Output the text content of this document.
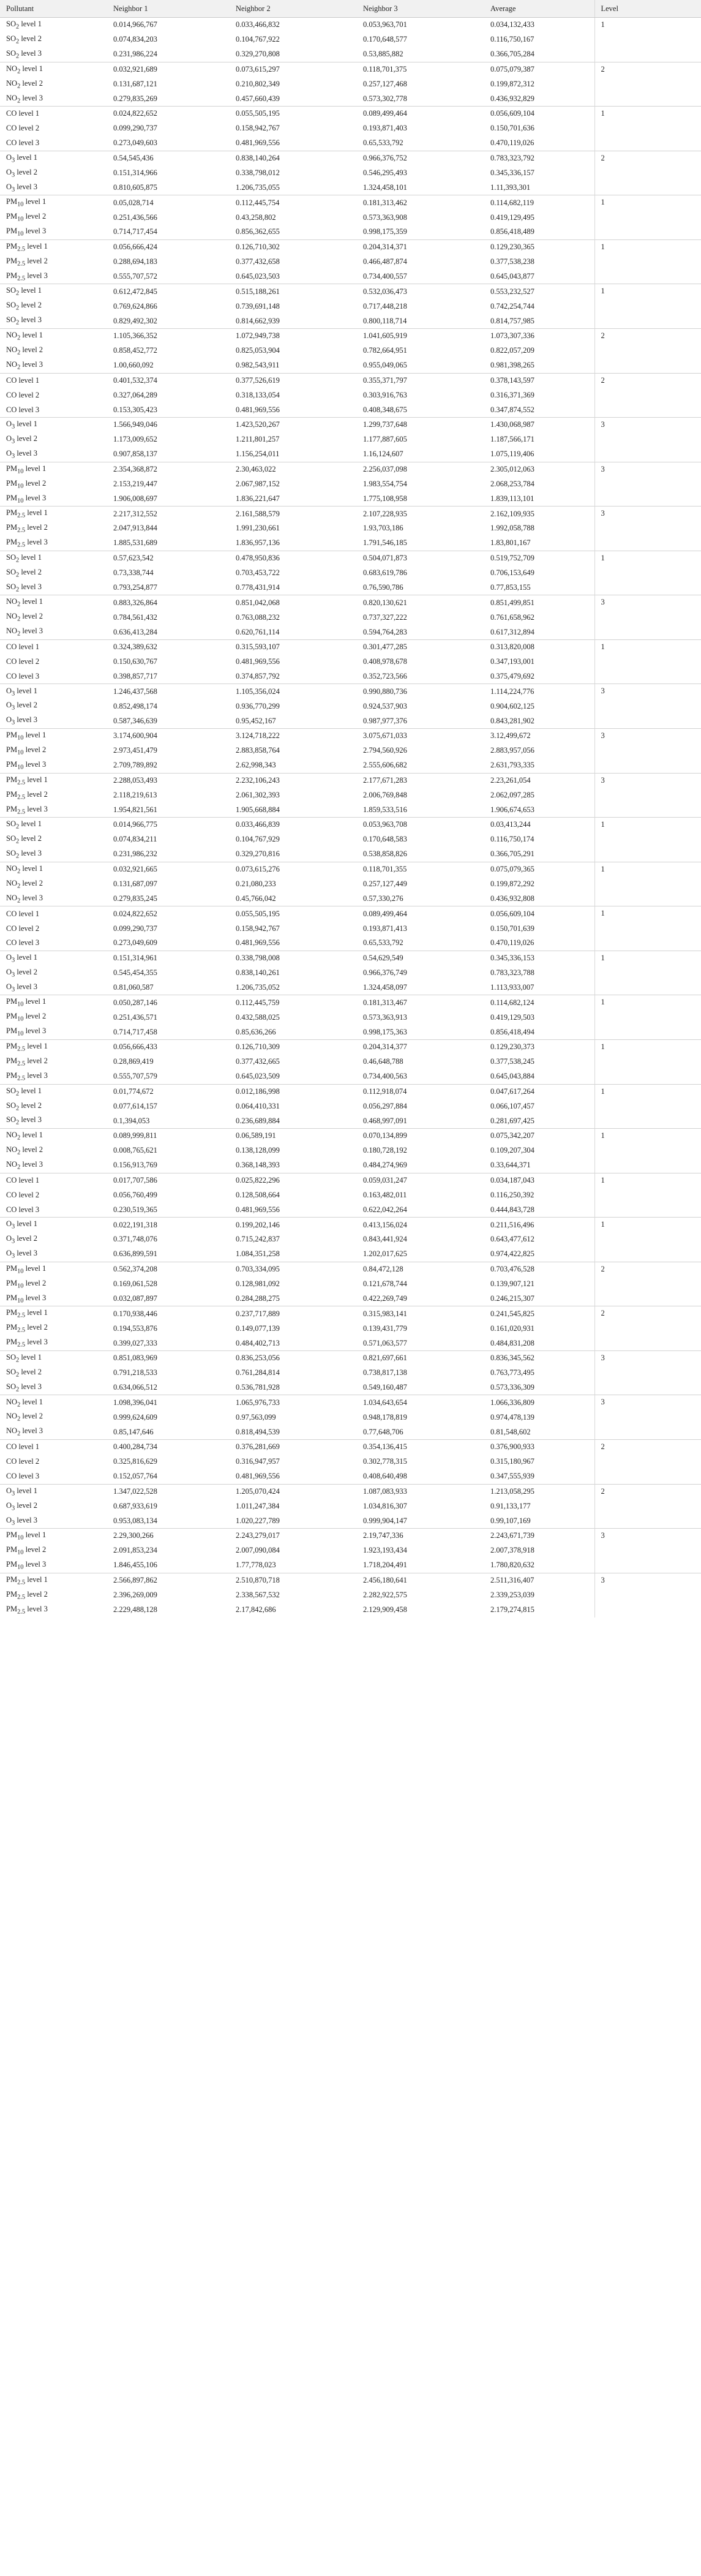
Pollutant	Neighbor 1	Neighbor 2	Neighbor 3	Average	Level
$SO_2$ level 1	0.014,966,767	0.033,466,832	0.053,963,701	0.034,132,433	1
$SO_2$ level 2	0.074,834,203	0.104,767,922	0.170,648,577	0.116,750,167	
$SO_2$ level 3	0.231,986,224	0.329,270,808	0.53,885,882	0.366,705,284	
$NO_2$ level 1	0.032,921,689	0.073,615,297	0.118,701,375	0.075,079,387	2
$NO_2$ level 2	0.131,687,121	0.210,802,349	0.257,127,468	0.199,872,312	
$NO_2$ level 3	0.279,835,269	0.457,660,439	0.573,302,778	0.436,932,829	
CO level 1	0.024,822,652	0.055,505,195	0.089,499,464	0.056,609,104	1
CO level 2	0.099,290,737	0.158,942,767	0.193,871,403	0.150,701,636	
CO level 3	0.273,049,603	0.481,969,556	0.65,533,792	0.470,119,026	
$O_3$ level 1	0.54,545,436	0.838,140,264	0.966,376,752	0.783,323,792	2
$O_3$ level 2	0.151,314,966	0.338,798,012	0.546,295,493	0.345,336,157	
$O_3$ level 3	0.810,605,875	1.206,735,055	1.324,458,101	1.11,393,301	
$PM_{10}$ level 1	0.05,028,714	0.112,445,754	0.181,313,462	0.114,682,119	1
$PM_{10}$ level 2	0.251,436,566	0.43,258,802	0.573,363,908	0.419,129,495	
$PM_{10}$ level 3	0.714,717,454	0.856,362,655	0.998,175,359	0.856,418,489	
$PM_{2.5}$ level 1	0.056,666,424	0.126,710,302	0.204,314,371	0.129,230,365	1
$PM_{2.5}$ level 2	0.288,694,183	0.377,432,658	0.466,487,874	0.377,538,238	
$PM_{2.5}$ level 3	0.555,707,572	0.645,023,503	0.734,400,557	0.645,043,877	
$SO_2$ level 1	0.612,472,845	0.515,188,261	0.532,036,473	0.553,232,527	1
$SO_2$ level 2	0.769,624,866	0.739,691,148	0.717,448,218	0.742,254,744	
$SO_2$ level 3	0.829,492,302	0.814,662,939	0.800,118,714	0.814,757,985	
$NO_2$ level 1	1.105,366,352	1.072,949,738	1.041,605,919	1.073,307,336	2
$NO_2$ level 2	0.858,452,772	0.825,053,904	0.782,664,951	0.822,057,209	
$NO_2$ level 3	1.00,660,092	0.982,543,911	0.955,049,065	0.981,398,265	
CO level 1	0.401,532,374	0.377,526,619	0.355,371,797	0.378,143,597	2
CO level 2	0.327,064,289	0.318,133,054	0.303,916,763	0.316,371,369	
CO level 3	0.153,305,423	0.481,969,556	0.408,348,675	0.347,874,552	
$O_3$ level 1	1.566,949,046	1.423,520,267	1.299,737,648	1.430,068,987	3
$O_3$ level 2	1.173,009,652	1.211,801,257	1.177,887,605	1.187,566,171	
$O_3$ level 3	0.907,858,137	1.156,254,011	1.16,124,607	1.075,119,406	
$PM_{10}$ level 1	2.354,368,872	2.30,463,022	2.256,037,098	2.305,012,063	3
$PM_{10}$ level 2	2.153,219,447	2.067,987,152	1.983,554,754	2.068,253,784	
$PM_{10}$ level 3	1.906,008,697	1.836,221,647	1.775,108,958	1.839,113,101	
$PM_{2.5}$ level 1	2.217,312,552	2.161,588,579	2.107,228,935	2.162,109,935	3
$PM_{2.5}$ level 2	2.047,913,844	1.991,230,661	1.93,703,186	1.992,058,788	
$PM_{2.5}$ level 3	1.885,531,689	1.836,957,136	1.791,546,185	1.83,801,167	
$SO_2$ level 1	0.57,623,542	0.478,950,836	0.504,071,873	0.519,752,709	1
$SO_2$ level 2	0.73,338,744	0.703,453,722	0.683,619,786	0.706,153,649	
$SO_2$ level 3	0.793,254,877	0.778,431,914	0.76,590,786	0.77,853,155	
$NO_2$ level 1	0.883,326,864	0.851,042,068	0.820,130,621	0.851,499,851	3
$NO_2$ level 2	0.784,561,432	0.763,088,232	0.737,327,222	0.761,658,962	
$NO_2$ level 3	0.636,413,284	0.620,761,114	0.594,764,283	0.617,312,894	
CO level 1	0.324,389,632	0.315,593,107	0.301,477,285	0.313,820,008	1
CO level 2	0.150,630,767	0.481,969,556	0.408,978,678	0.347,193,001	
CO level 3	0.398,857,717	0.374,857,792	0.352,723,566	0.375,479,692	
$O_3$ level 1	1.246,437,568	1.105,356,024	0.990,880,736	1.114,224,776	3
$O_3$ level 2	0.852,498,174	0.936,770,299	0.924,537,903	0.904,602,125	
$O_3$ level 3	0.587,346,639	0.95,452,167	0.987,977,376	0.843,281,902	
$PM_{10}$ level 1	3.174,600,904	3.124,718,222	3.075,671,033	3.12,499,672	3
$PM_{10}$ level 2	2.973,451,479	2.883,858,764	2.794,560,926	2.883,957,056	
$PM_{10}$ level 3	2.709,789,892	2.62,998,343	2.555,606,682	2.631,793,335	
$PM_{2.5}$ level 1	2.288,053,493	2.232,106,243	2.177,671,283	2.23,261,054	3
$PM_{2.5}$ level 2	2.118,219,613	2.061,302,393	2.006,769,848	2.062,097,285	
$PM_{2.5}$ level 3	1.954,821,561	1.905,668,884	1.859,533,516	1.906,674,653	
$SO_2$ level 1	0.014,966,775	0.033,466,839	0.053,963,708	0.03,413,244	1
$SO_2$ level 2	0.074,834,211	0.104,767,929	0.170,648,583	0.116,750,174	
$SO_2$ level 3	0.231,986,232	0.329,270,816	0.538,858,826	0.366,705,291	
$NO_2$ level 1	0.032,921,665	0.073,615,276	0.118,701,355	0.075,079,365	1
$NO_2$ level 2	0.131,687,097	0.21,080,233	0.257,127,449	0.199,872,292	
$NO_2$ level 3	0.279,835,245	0.45,766,042	0.57,330,276	0.436,932,808	
CO level 1	0.024,822,652	0.055,505,195	0.089,499,464	0.056,609,104	1
CO level 2	0.099,290,737	0.158,942,767	0.193,871,413	0.150,701,639	
CO level 3	0.273,049,609	0.481,969,556	0.65,533,792	0.470,119,026	
$O_3$ level 1	0.151,314,961	0.338,798,008	0.54,629,549	0.345,336,153	1
$O_3$ level 2	0.545,454,355	0.838,140,261	0.966,376,749	0.783,323,788	
$O_3$ level 3	0.81,060,587	1.206,735,052	1.324,458,097	1.113,933,007	
$PM_{10}$ level 1	0.050,287,146	0.112,445,759	0.181,313,467	0.114,682,124	1
$PM_{10}$ level 2	0.251,436,571	0.432,588,025	0.573,363,913	0.419,129,503	
$PM_{10}$ level 3	0.714,717,458	0.85,636,266	0.998,175,363	0.856,418,494	
$PM_{2.5}$ level 1	0.056,666,433	0.126,710,309	0.204,314,377	0.129,230,373	1
$PM_{2.5}$ level 2	0.28,869,419	0.377,432,665	0.46,648,788	0.377,538,245	
$PM_{2.5}$ level 3	0.555,707,579	0.645,023,509	0.734,400,563	0.645,043,884	
$SO_2$ level 1	0.01,774,672	0.012,186,998	0.112,918,074	0.047,617,264	1
$SO_2$ level 2	0.077,614,157	0.064,410,331	0.056,297,884	0.066,107,457	
$SO_2$ level 3	0.1,394,053	0.236,689,884	0.468,997,091	0.281,697,425	
$NO_2$ level 1	0.089,999,811	0.06,589,191	0.070,134,899	0.075,342,207	1
$NO_2$ level 2	0.008,765,621	0.138,128,099	0.180,728,192	0.109,207,304	
$NO_2$ level 3	0.156,913,769	0.368,148,393	0.484,274,969	0.33,644,371	
CO level 1	0.017,707,586	0.025,822,296	0.059,031,247	0.034,187,043	1
CO level 2	0.056,760,499	0.128,508,664	0.163,482,011	0.116,250,392	
CO level 3	0.230,519,365	0.481,969,556	0.622,042,264	0.444,843,728	
$O_3$ level 1	0.022,191,318	0.199,202,146	0.413,156,024	0.211,516,496	1
$O_3$ level 2	0.371,748,076	0.715,242,837	0.843,441,924	0.643,477,612	
$O_3$ level 3	0.636,899,591	1.084,351,258	1.202,017,625	0.974,422,825	
$PM_{10}$ level 1	0.562,374,208	0.703,334,095	0.84,472,128	0.703,476,528	2
$PM_{10}$ level 2	0.169,061,528	0.128,981,092	0.121,678,744	0.139,907,121	
$PM_{10}$ level 3	0.032,087,897	0.284,288,275	0.422,269,749	0.246,215,307	
$PM_{2.5}$ level 1	0.170,938,446	0.237,717,889	0.315,983,141	0.241,545,825	2
$PM_{2.5}$ level 2	0.194,553,876	0.149,077,139	0.139,431,779	0.161,020,931	
$PM_{2.5}$ level 3	0.399,027,333	0.484,402,713	0.571,063,577	0.484,831,208	
$SO_2$ level 1	0.851,083,969	0.836,253,056	0.821,697,661	0.836,345,562	3
$SO_2$ level 2	0.791,218,533	0.761,284,814	0.738,817,138	0.763,773,495	
$SO_2$ level 3	0.634,066,512	0.536,781,928	0.549,160,487	0.573,336,309	
$NO_2$ level 1	1.098,396,041	1.065,976,733	1.034,643,654	1.066,336,809	3
$NO_2$ level 2	0.999,624,609	0.97,563,099	0.948,178,819	0.974,478,139	
$NO_2$ level 3	0.85,147,646	0.818,494,539	0.77,648,706	0.81,548,602	
CO level 1	0.400,284,734	0.376,281,669	0.354,136,415	0.376,900,933	2
CO level 2	0.325,816,629	0.316,947,957	0.302,778,315	0.315,180,967	
CO level 3	0.152,057,764	0.481,969,556	0.408,640,498	0.347,555,939	
$O_3$ level 1	1.347,022,528	1.205,070,424	1.087,083,933	1.213,058,295	2
$O_3$ level 2	0.687,933,619	1.011,247,384	1.034,816,307	0.91,133,177	
$O_3$ level 3	0.953,083,134	1.020,227,789	0.999,904,147	0.99,107,169	
$PM_{10}$ level 1	2.29,300,266	2.243,279,017	2.19,747,336	2.243,671,739	3
$PM_{10}$ level 2	2.091,853,234	2.007,090,084	1.923,193,434	2.007,378,918	
$PM_{10}$ level 3	1.846,455,106	1.77,778,023	1.718,204,491	1.780,820,632	
$PM_{2.5}$ level 1	2.566,897,862	2.510,870,718	2.456,180,641	2.511,316,407	3
$PM_{2.5}$ level 2	2.396,269,009	2.338,567,532	2.282,922,575	2.339,253,039	
$PM_{2.5}$ level 3	2.229,488,128	2.17,842,686	2.129,909,458	2.179,274,815	
